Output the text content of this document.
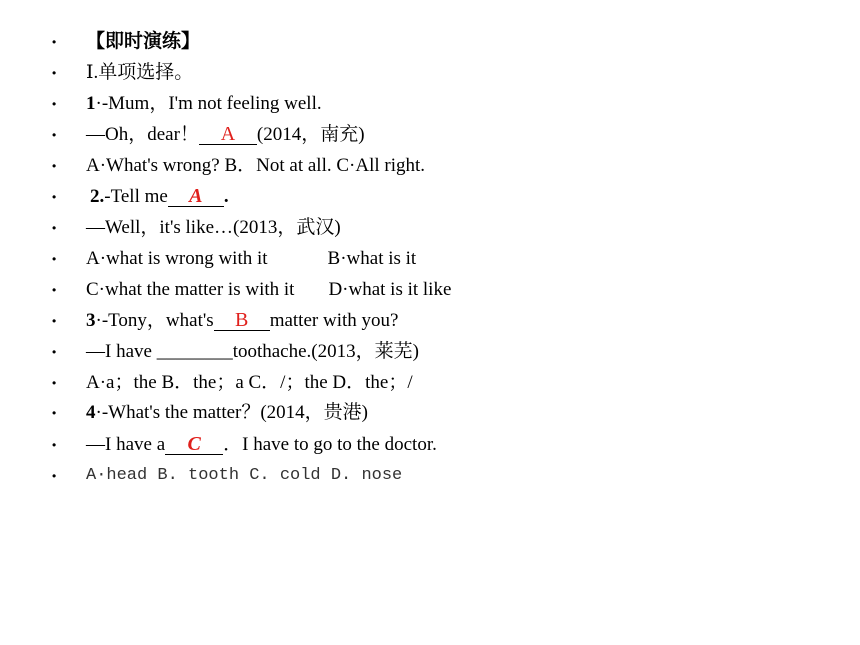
•	【即时演练】
•	Ⅰ.单项选择。
•	1·-Mum，I'm not feeling well.
•	—Oh，dear！ A (2014，南充)
•	A·What's wrong? B．Not at all. C·All right.
•	2.-Tell me A .
•	—Well，it's like…(2013，武汉)
•	A·what is wrong with it	B·what is it
•	C·what the matter is with it D·what is it like
•	3·-Tony，what's B matter with you?
•	—I have ________toothache.(2013，莱芜)
•	A·a；the B．the；a C．/；the D．the；/
•	4·-What's the matter？(2014，贵港)
•	—I have a C ．I have to go to the doctor.
•	A·head B. tooth C. cold D. nose
